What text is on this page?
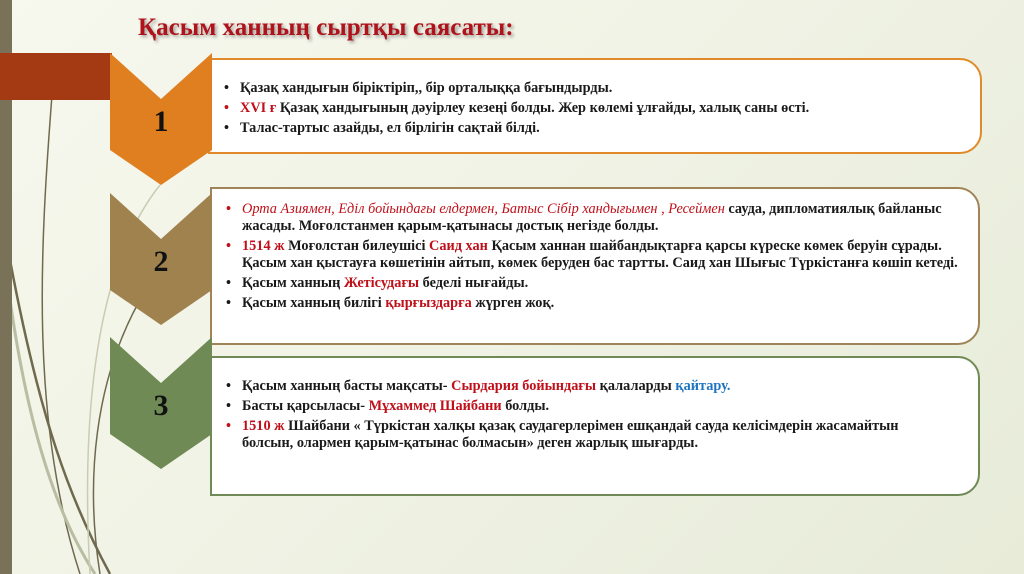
Қасым ханның сыртқы саясаты:
• Қазақ хандығын біріктіріп,, бір орталыққа бағындырды.
• XVI ғ Қазақ хандығының дәуірлеу кезеңі болды. Жер көлемі ұлғайды, халық саны өсті.
• Талас-тартыс азайды, ел бірлігін сақтай білді.
• Орта Азиямен, Еділ бойындағы елдермен, Батыс Сібір хандығымен , Ресеймен сауда, дипломатиялық байланыс жасады. Моғолстанмен қарым-қатынасы достық негізде болды.
• 1514 ж Моғолстан билеушісі Саид хан Қасым ханнан шайбандықтарға қарсы күреске көмек беруін сұрады. Қасым хан қыстауға көшетінін айтып, көмек беруден бас тартты. Саид хан Шығыс Түркістанға көшіп кетеді.
• Қасым ханның Жетісудағы беделі нығайды.
• Қасым ханның билігі қырғыздарға жүрген жоқ.
• Қасым ханның басты мақсаты- Сырдария бойындағы қалаларды қайтару.
• Басты қарсыласы- Мұхаммед Шайбани болды.
• 1510 ж Шайбани « Түркістан халқы қазақ саудагерлерімен ешқандай сауда келісімдерін жасамайтын болсын, олармен қарым-қатынас болмасын» деген жарлық шығарды.
1
2
3
